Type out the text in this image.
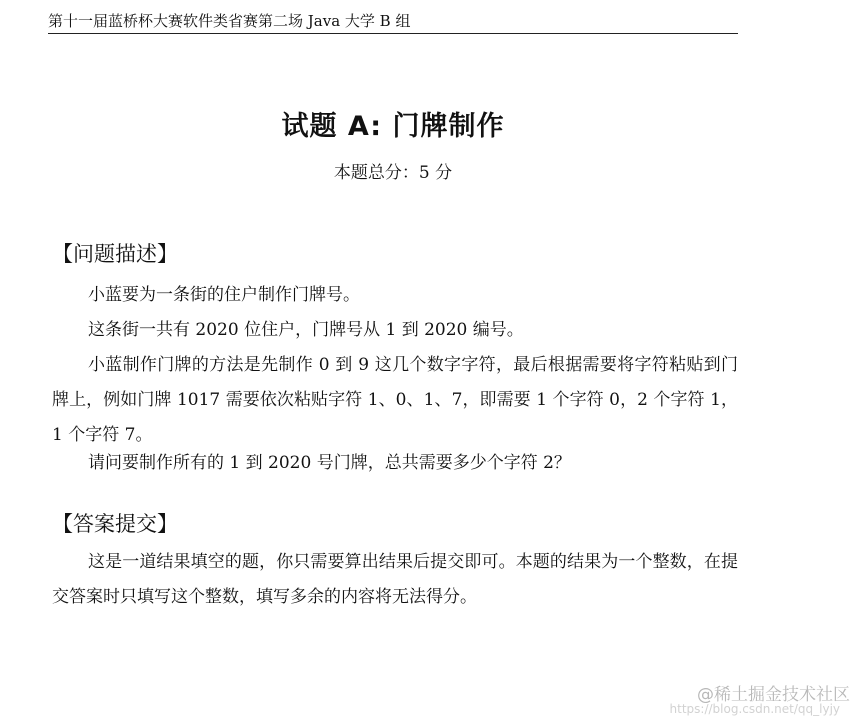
第十一届蓝桥杯大赛软件类省赛第二场 Java 大学 B 组
试题 A: 门牌制作
本题总分：5 分
【问题描述】

小蓝要为一条街的住户制作门牌号。

这条街一共有 2020 位住户，门牌号从 1 到 2020 编号。

小蓝制作门牌的方法是先制作 0 到 9 这几个数字字符，最后根据需要将字符粘贴到门牌上，例如门牌 1017 需要依次粘贴字符 1、0、1、7，即需要 1 个字符 0，2 个字符 1，1 个字符 7。

请问要制作所有的 1 到 2020 号门牌，总共需要多少个字符 2？

【答案提交】

这是一道结果填空的题，你只需要算出结果后提交即可。本题的结果为一个整数，在提交答案时只填写这个整数，填写多余的内容将无法得分。

@稀土掘金技术社区
https://blog.csdn.net/qq_lyjy
